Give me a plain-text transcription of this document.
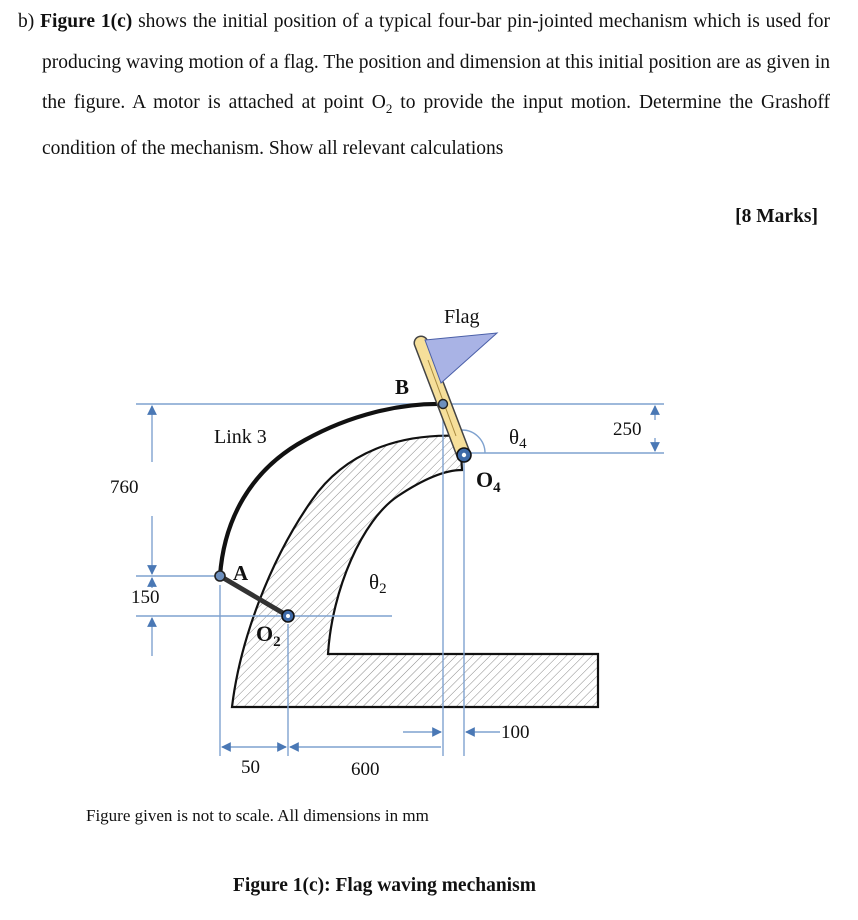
b) Figure 1(c) shows the initial position of a typical four-bar pin-jointed mechanism which is used for producing waving motion of a flag. The position and dimension at this initial position are as given in the figure. A motor is attached at point $O_2$ to provide the input motion. Determine the Grashoff condition of the mechanism. Show all relevant calculations

[8 Marks]
Flag
B
Link 3
A	θ2
θ4
$O_2$
$O_4$
760
150
250
50	600
100
Figure given is not to scale. All dimensions in mm
Figure 1(c): Flag waving mechanism
